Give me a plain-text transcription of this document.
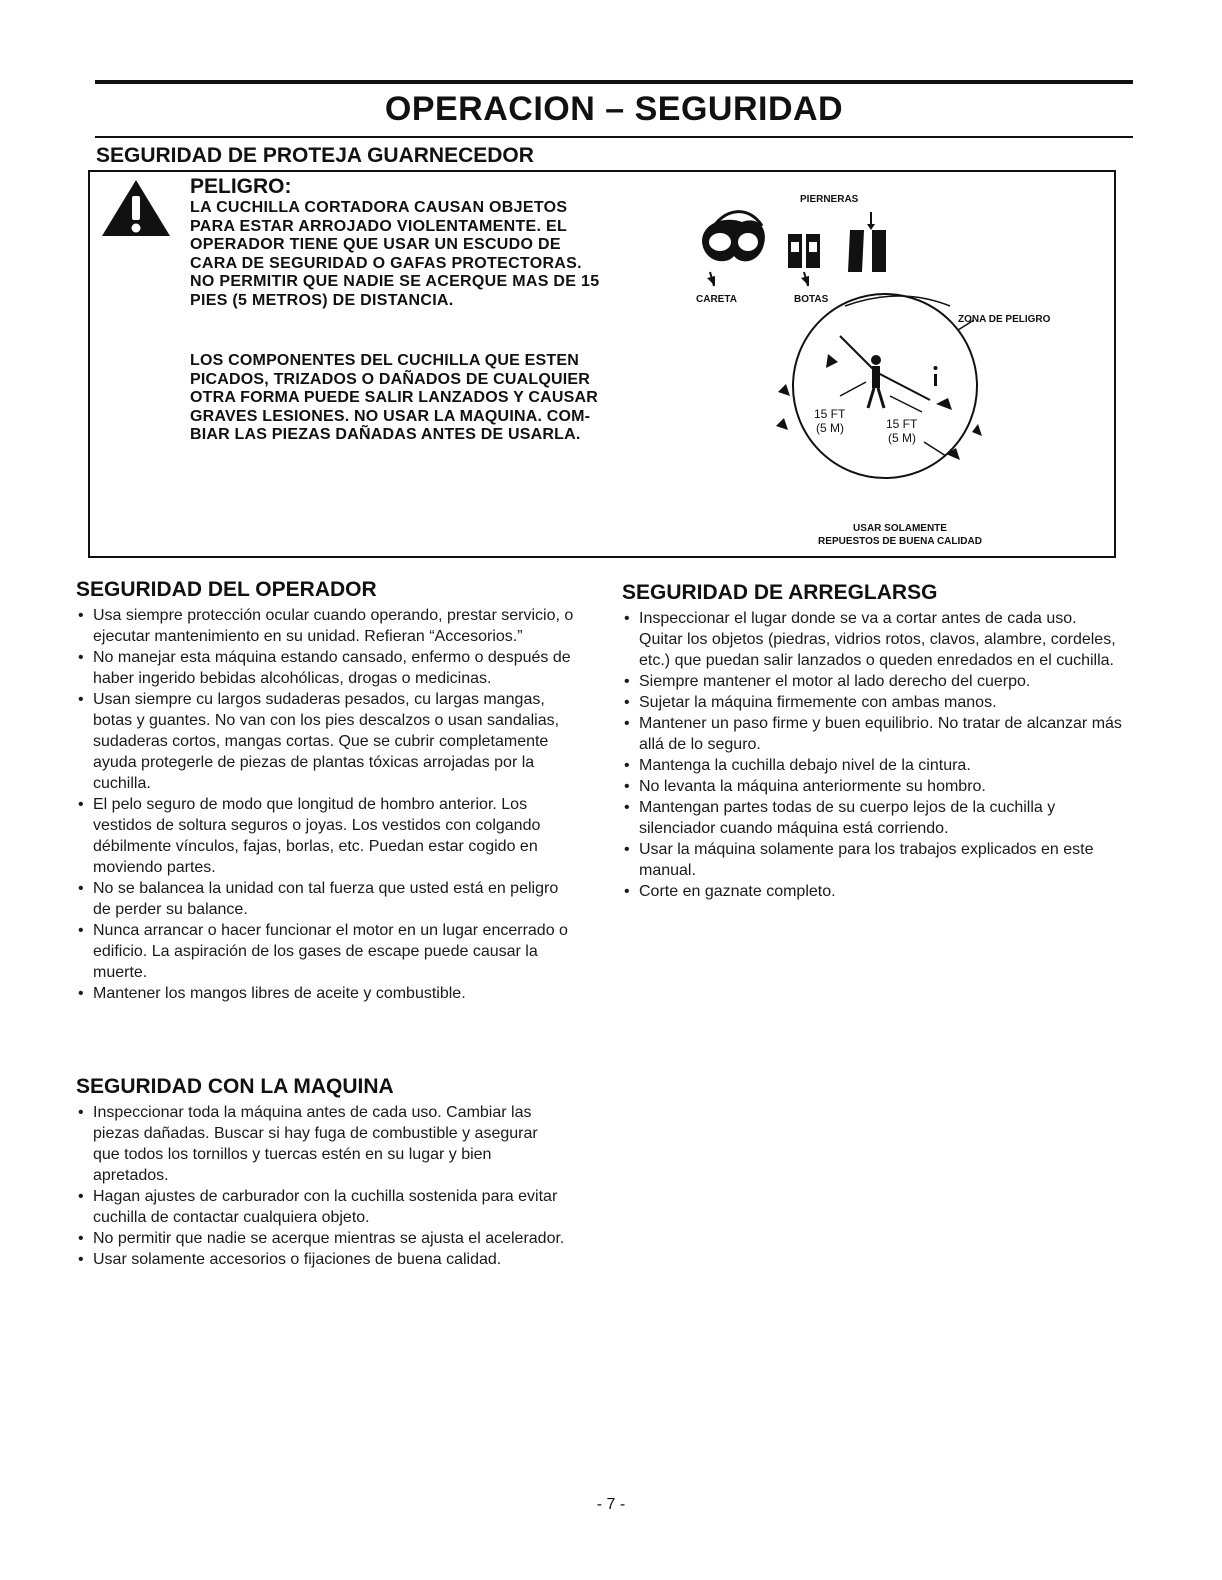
OPERACION – SEGURIDAD
SEGURIDAD DE PROTEJA GUARNECEDOR
PELIGRO:

LA CUCHILLA CORTADORA CAUSAN OBJETOS
PARA ESTAR ARROJADO VIOLENTAMENTE. EL
OPERADOR TIENE QUE USAR UN ESCUDO DE
CARA DE SEGURIDAD O GAFAS PROTECTORAS.
NO PERMITIR QUE NADIE SE ACERQUE MAS DE 15
PIES (5 METROS) DE DISTANCIA.

LOS COMPONENTES DEL CUCHILLA QUE ESTEN
PICADOS, TRIZADOS O DAÑADOS DE CUALQUIER
OTRA FORMA PUEDE SALIR LANZADOS Y CAUSAR
GRAVES LESIONES. NO USAR LA MAQUINA. COM-
BIAR LAS PIEZAS DAÑADAS ANTES DE USARLA.

PIERNERAS
CARETA	BOTAS
ZONA DE PELIGRO
15 FT
(5 M)	15 FT
(5 M)
USAR SOLAMENTE
REPUESTOS DE BUENA CALIDAD
SEGURIDAD DEL OPERADOR
• Usa siempre protección ocular cuando operando, prestar servicio, o ejecutar mantenimiento en su unidad. Refieran “Accesorios.”
• No manejar esta máquina estando cansado, enfermo o después de haber ingerido bebidas alcohólicas, drogas o medicinas.
• Usan siempre cu largos sudaderas pesados, cu largas mangas, botas y guantes. No van con los pies descalzos o usan sandalias, sudaderas cortos, mangas cortas. Que se cubrir completamente ayuda protegerle de piezas de plantas tóxicas arrojadas por la cuchilla.
• El pelo seguro de modo que longitud de hombro anterior. Los vestidos de soltura seguros o joyas. Los vestidos con colgando débilmente vínculos, fajas, borlas, etc. Puedan estar cogido en moviendo partes.
• No se balancea la unidad con tal fuerza que usted está en peligro de perder su balance.
• Nunca arrancar o hacer funcionar el motor en un lugar encerrado o edificio. La aspiración de los gases de escape puede causar la muerte.
• Mantener los mangos libres de aceite y combustible.
SEGURIDAD CON LA MAQUINA
• Inspeccionar toda la máquina antes de cada uso. Cambiar las piezas dañadas. Buscar si hay fuga de combustible y asegurar que todos los tornillos y tuercas estén en su lugar y bien apretados.
• Hagan ajustes de carburador con la cuchilla sostenida para evitar cuchilla de contactar cualquiera objeto.
• No permitir que nadie se acerque mientras se ajusta el acelerador.
• Usar solamente accesorios o fijaciones de buena calidad.
SEGURIDAD DE ARREGLARSG
• Inspeccionar el lugar donde se va a cortar antes de cada uso. Quitar los objetos (piedras, vidrios rotos, clavos, alambre, cordeles, etc.) que puedan salir lanzados o queden enredados en el cuchilla.
• Siempre mantener el motor al lado derecho del cuerpo.
• Sujetar la máquina firmemente con ambas manos.
• Mantener un paso firme y buen equilibrio. No tratar de alcanzar más allá de lo seguro.
• Mantenga la cuchilla debajo nivel de la cintura.
• No levanta la máquina anteriormente su hombro.
• Mantengan partes todas de su cuerpo lejos de la cuchilla y silenciador cuando máquina está corriendo.
• Usar la máquina solamente para los trabajos explicados en este manual.
• Corte en gaznate completo.
- 7 -
